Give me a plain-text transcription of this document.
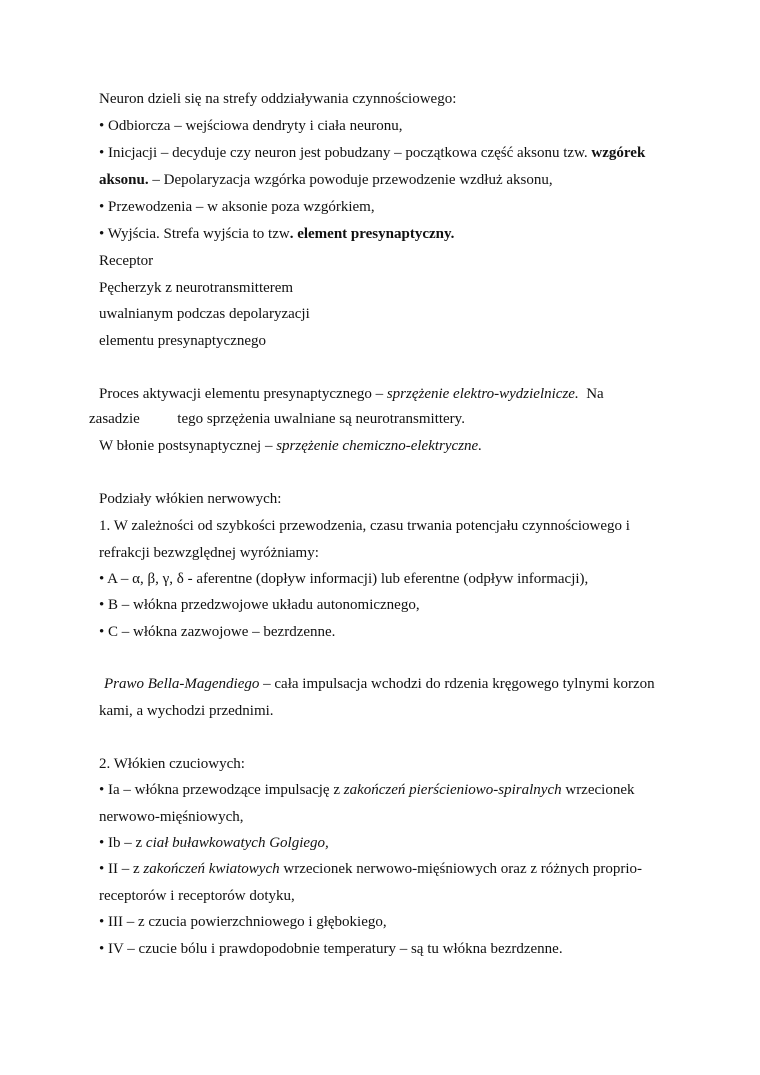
Neuron dzieli się na strefy oddziaływania czynnościowego:
• Odbiorcza – wejściowa dendryty i ciała neuronu,
• Inicjacji – decyduje czy neuron jest pobudzany – początkowa część aksonu tzw. wzgórek
aksonu. – Depolaryzacja wzgórka powoduje przewodzenie wzdłuż aksonu,
• Przewodzenia – w aksonie poza wzgórkiem,
• Wyjścia. Strefa wyjścia to tzw. element presynaptyczny.
Receptor
Pęcherzyk z neurotransmitterem
uwalnianym podczas depolaryzacji
elementu presynaptycznego
Proces aktywacji elementu presynaptycznego – sprzężenie elektro-wydzielnicze. Na
zasadzie	tego sprzężenia uwalniane są neurotransmittery.
W błonie postsynaptycznej – sprzężenie chemiczno-elektryczne.
Podziały włókien nerwowych:
1. W zależności od szybkości przewodzenia, czasu trwania potencjału czynnościowego i
refrakcji bezwzględnej wyróżniamy:
• A – α, β, γ, δ - aferentne (dopływ informacji) lub eferentne (odpływ informacji),
• B – włókna przedzwojowe układu autonomicznego,
• C – włókna zazwojowe – bezrdzenne.
Prawo Bella-Magendiego – cała impulsacja wchodzi do rdzenia kręgowego tylnymi korzon
kami, a wychodzi przednimi.
2. Włókien czuciowych:
• Ia – włókna przewodzące impulsację z zakończeń pierścieniowo-spiralnych wrzecionek
nerwowo-mięśniowych,
• Ib – z ciał buławkowatych Golgiego,
• II – z zakończeń kwiatowych wrzecionek nerwowo-mięśniowych oraz z różnych proprio-
receptorów i receptorów dotyku,
• III – z czucia powierzchniowego i głębokiego,
• IV – czucie bólu i prawdopodobnie temperatury – są tu włókna bezrdzenne.
